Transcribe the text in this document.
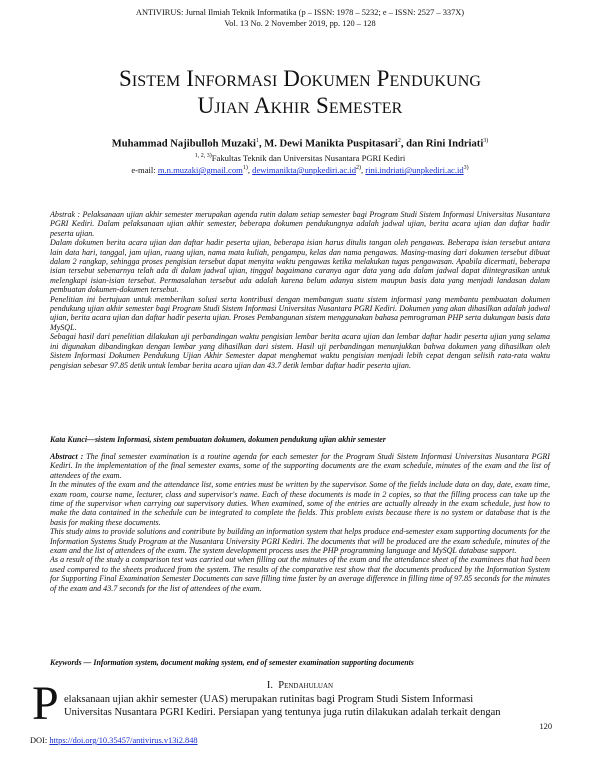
ANTIVIRUS: Jurnal Ilmiah Teknik Informatika (p – ISSN: 1978 – 5232; e – ISSN: 2527 – 337X)
Vol. 13 No. 2 November 2019, pp. 120 – 128
Sistem Informasi Dokumen Pendukung
Ujian Akhir Semester
Muhammad Najibulloh Muzaki$^1$, M. Dewi Manikta Puspitasari$^2$, dan Rini Indriati$^{3)}$
$^{1, 2, 3)}$Fakultas Teknik dan Universitas Nusantara PGRI Kediri
e-mail: m.n.muzaki@gmail.com$^{1)}$, $dewimanikta@unpkediri.ac.id^{2)}$, $rini.indriati@unpkediri.ac.id^{3)}$

Abstrak : Pelaksanaan ujian akhir semester merupakan agenda rutin dalam setiap semester bagi Program Studi Sistem Informasi Universitas Nusantara PGRI Kediri. Dalam pelaksanaan ujian akhir semester, beberapa dokumen pendukungnya adalah jadwal ujian, berita acara ujian dan daftar hadir peserta ujian.

Dalam dokumen berita acara ujian dan daftar hadir peserta ujian, beberapa isian harus ditulis tangan oleh pengawas. Beberapa isian tersebut antara lain data hari, tanggal, jam ujian, ruang ujian, nama mata kuliah, pengampu, kelas dan nama pengawas. Masing-masing dari dokumen tersebut dibuat dalam 2 rangkap, sehingga proses pengisian tersebut dapat menyita waktu pengawas ketika melakukan tugas pengawasan. Apabila dicermati, beberapa isian tersebut sebenarnya telah ada di dalam jadwal ujian, tinggal bagaimana caranya agar data yang ada dalam jadwal dapat diintegrasikan untuk melengkapi isian-isian tersebut. Permasalahan tersebut ada adalah karena belum adanya sistem maupun basis data yang menjadi landasan dalam pembuatan dokumen-dokumen tersebut.

Penelitian ini bertujuan untuk memberikan solusi serta kontribusi dengan membangun suatu sistem informasi yang membantu pembuatan dokumen pendukung ujian akhir semester bagi Program Studi Sistem Informasi Universitas Nusantara PGRI Kediri. Dokumen yang akan dihasilkan adalah jadwal ujian, berita acara ujian dan daftar hadir peserta ujian. Proses Pembangunan sistem menggunakan bahasa pemrograman PHP serta dukungan basis data MySQL.

Sebagai hasil dari penelitian dilakukan uji perbandingan waktu pengisian lembar berita acara ujian dan lembar daftar hadir peserta ujian yang selama ini digunakan dibandingkan dengan lembar yang dihasilkan dari sistem. Hasil uji perbandingan menunjukkan bahwa dokumen yang dihasilkan oleh Sistem Informasi Dokumen Pendukung Ujian Akhir Semester dapat menghemat waktu pengisian menjadi lebih cepat dengan selisih rata-rata waktu pengisian sebesar 97.85 detik untuk lembar berita acara ujian dan 43.7 detik lembar daftar hadir peserta ujian.

Kata Kunci—sistem Informasi, sistem pembuatan dokumen, dokumen pendukung ujian akhir semester

Abstract : The final semester examination is a routine agenda for each semester for the Program Studi Sistem Informasi Universitas Nusantara PGRI Kediri. In the implementation of the final semester exams, some of the supporting documents are the exam schedule, minutes of the exam and the list of attendees of the exam.

In the minutes of the exam and the attendance list, some entries must be written by the supervisor. Some of the fields include data on day, date, exam time, exam room, course name, lecturer, class and supervisor's name. Each of these documents is made in 2 copies, so that the filling process can take up the time of the supervisor when carrying out supervisory duties. When examined, some of the entries are actually already in the exam schedule, just how to make the data contained in the schedule can be integrated to complete the fields. This problem exists because there is no system or database that is the basis for making these documents.

This study aims to provide solutions and contribute by building an information system that helps produce end-semester exam supporting documents for the Information Systems Study Program at the Nusantara University PGRI Kediri. The documents that will be produced are the exam schedule, minutes of the exam and the list of attendees of the exam. The system development process uses the PHP programming language and MySQL database support.

As a result of the study a comparison test was carried out when filling out the minutes of the exam and the attendance sheet of the examinees that had been used compared to the sheets produced from the system. The results of the comparative test show that the documents produced by the Information System for Supporting Final Examination Semester Documents can save filling time faster by an average difference in filling time of 97.85 seconds for the minutes of the exam and 43.7 seconds for the list of attendees of the exam.

Keywords — Information system, document making system, end of semester examination supporting documents
I. Pendahuluan
P elaksanaan ujian akhir semester (UAS) merupakan rutinitas bagi Program Studi Sistem Informasi
Universitas Nusantara PGRI Kediri. Persiapan yang tentunya juga rutin dilakukan adalah terkait dengan
120
DOI: https://doi.org/10.35457/antivirus.v13i2.848
